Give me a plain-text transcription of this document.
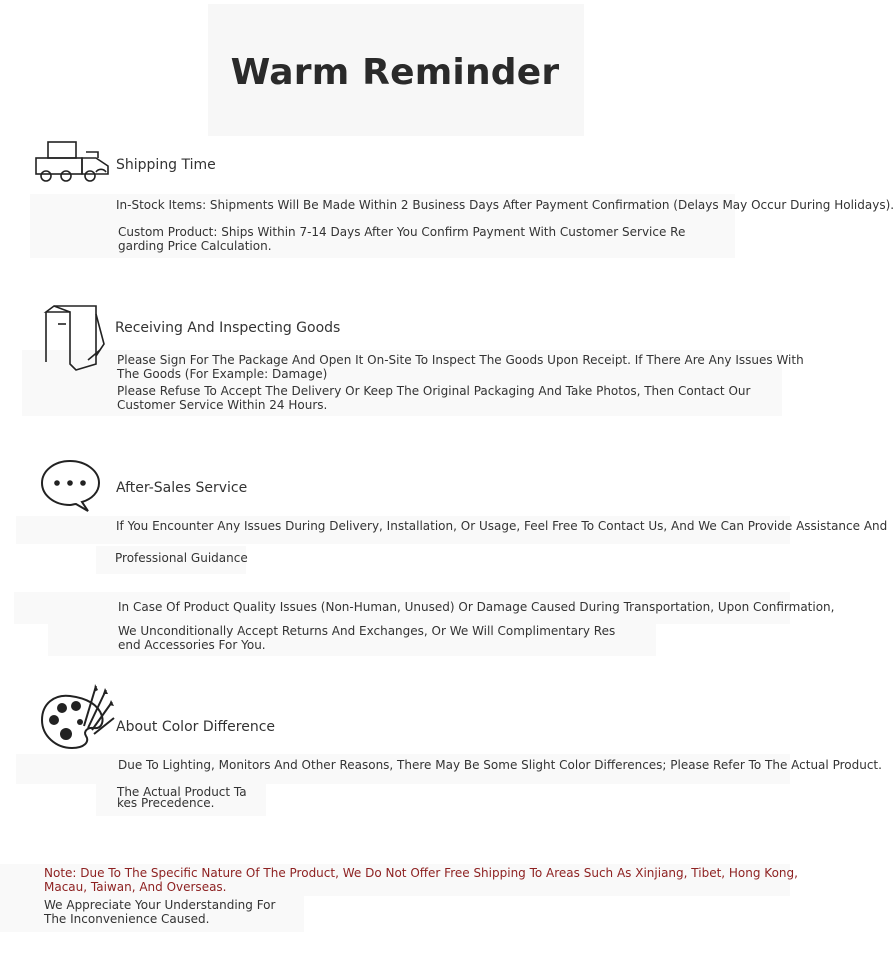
Warm Reminder
Shipping Time
In-Stock Items: Shipments Will Be Made Within 2 Business Days After Payment Confirmation (Delays May Occur During Holidays).
Custom Product: Ships Within 7-14 Days After You Confirm Payment With Customer Service Re
garding Price Calculation.
Receiving And Inspecting Goods
Please Sign For The Package And Open It On-Site To Inspect The Goods Upon Receipt. If There Are Any Issues With
The Goods (For Example: Damage)
Please Refuse To Accept The Delivery Or Keep The Original Packaging And Take Photos, Then Contact Our
Customer Service Within 24 Hours.
After-Sales Service
If You Encounter Any Issues During Delivery, Installation, Or Usage, Feel Free To Contact Us, And We Can Provide Assistance And
Professional Guidance
In Case Of Product Quality Issues (Non-Human, Unused) Or Damage Caused During Transportation, Upon Confirmation,
We Unconditionally Accept Returns And Exchanges, Or We Will Complimentary Res
end Accessories For You.
About Color Difference
Due To Lighting, Monitors And Other Reasons, There May Be Some Slight Color Differences; Please Refer To The Actual Product.
The Actual Product Ta
kes Precedence.
Note: Due To The Specific Nature Of The Product, We Do Not Offer Free Shipping To Areas Such As Xinjiang, Tibet, Hong Kong,
Macau, Taiwan, And Overseas.
We Appreciate Your Understanding For
The Inconvenience Caused.
